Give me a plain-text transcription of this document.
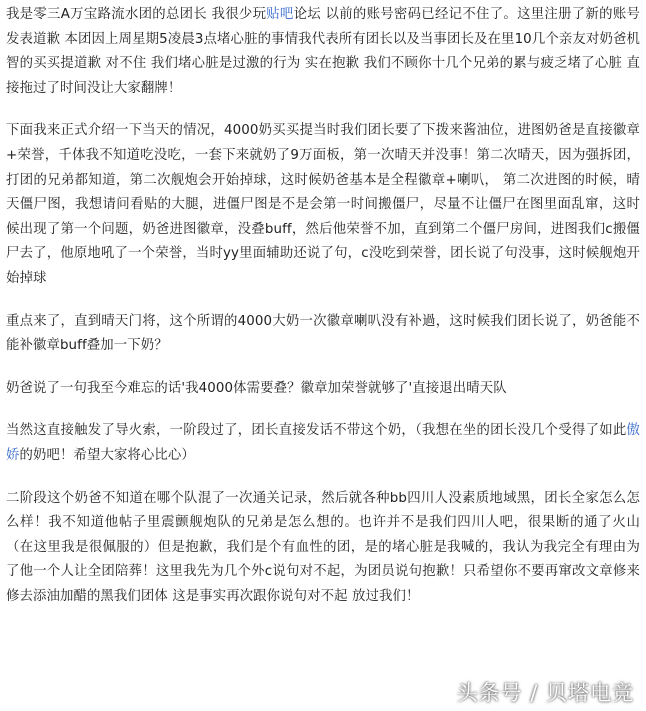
我是零三A万宝路流水团的总团长 我很少玩贴吧论坛 以前的账号密码已经记不住了。这里注册了新的账号发表道歉 本团因上周星期5凌晨3点堵心脏的事情我代表所有团长以及当事团长及在里10几个亲友对奶爸机智的买买提道歉 对不住 我们堵心脏是过激的行为 实在抱歉 我们不顾你十几个兄弟的累与疲乏堵了心脏 直接拖过了时间没让大家翻牌！

下面我来正式介绍一下当天的情况，4000奶买买提当时我们团长要了下拨来酱油位，进图奶爸是直接徽章+荣誉，千体我不知道吃没吃，一套下来就奶了9万面板，第一次晴天并没事！第二次晴天，因为强拆团，打团的兄弟都知道，第二次舰炮会开始掉球，这时候奶爸基本是全程徽章+喇叭， 第二次进图的时候，晴天僵尸图，我想请问看贴的大腿，进僵尸图是不是会第一时间搬僵尸，尽量不让僵尸在图里面乱窜，这时候出现了第一个问题，奶爸进图徽章，没叠buff，然后他荣誉不加，直到第二个僵尸房间，进图我们c搬僵尸去了，他原地吼了一个荣誉，当时yy里面辅助还说了句，c没吃到荣誉，团长说了句没事，这时候舰炮开始掉球

重点来了，直到晴天门将，这个所谓的4000大奶一次徽章喇叭没有补過，这时候我们团长说了，奶爸能不能补徽章buff叠加一下奶？

奶爸说了一句我至今难忘的话'我4000体需要叠？徽章加荣誉就够了'直接退出晴天队

当然这直接触发了导火索，一阶段过了，团长直接发话不带这个奶，（我想在坐的团长没几个受得了如此傲娇的奶吧！希望大家将心比心）

二阶段这个奶爸不知道在哪个队混了一次通关记录，然后就各种bb四川人没素质地域黑，团长全家怎么怎么样！我不知道他帖子里震颤舰炮队的兄弟是怎么想的。也许并不是我们四川人吧，很果断的通了火山（在这里我是很佩服的）但是抱歉，我们是个有血性的团，是的堵心脏是我喊的，我认为我完全有理由为了他一个人让全团陪葬！这里我先为几个外c说句对不起，为团员说句抱歉！只希望你不要再窜改文章修来修去添油加醋的黑我们团体 这是事实再次跟你说句对不起 放过我们！

头条号 / 贝塔电竞
